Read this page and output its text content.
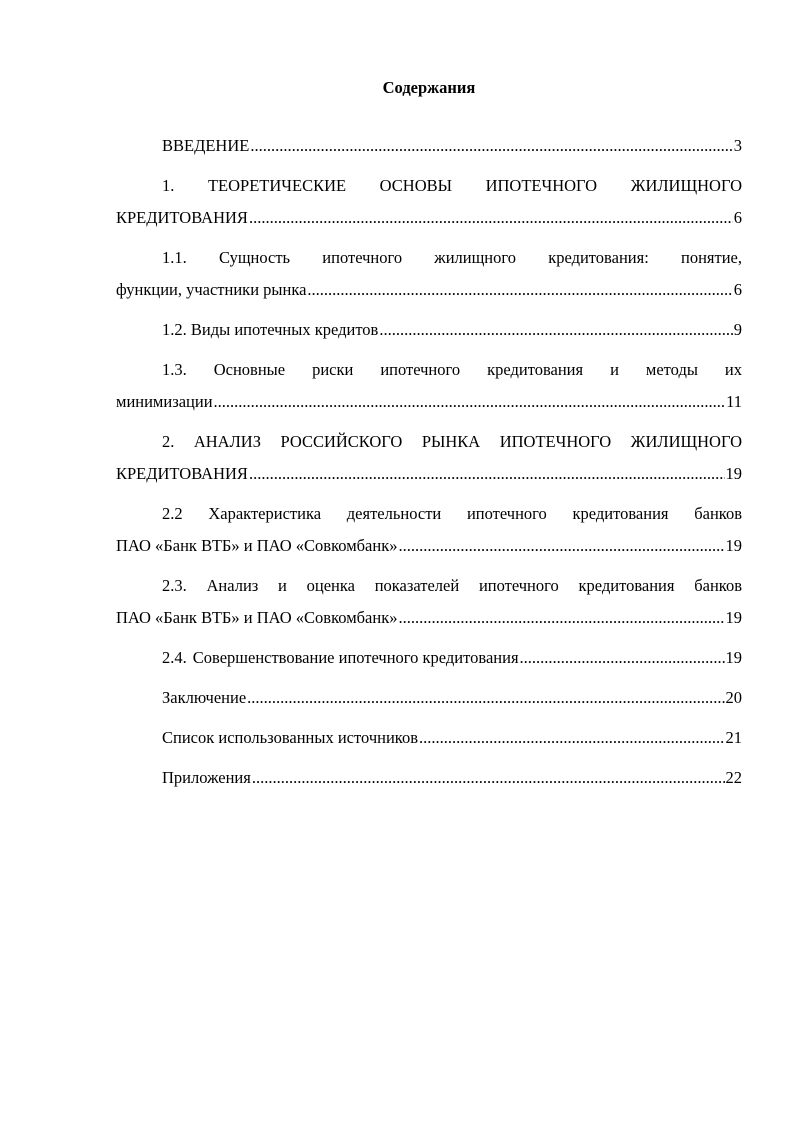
Содержания
ВВЕДЕНИЕ .....	3
1. ТЕОРЕТИЧЕСКИЕ ОСНОВЫ ИПОТЕЧНОГО ЖИЛИЩНОГО
КРЕДИТОВАНИЯ .....	6
1.1. Сущность ипотечного жилищного кредитования: понятие,
функции, участники рынка .....	6
1.2. Виды ипотечных кредитов .....	9
1.3. Основные риски ипотечного кредитования и методы их
минимизации .....	11
2. АНАЛИЗ РОССИЙСКОГО РЫНКА ИПОТЕЧНОГО ЖИЛИЩНОГО
КРЕДИТОВАНИЯ .....	19
2.2 Характеристика деятельности ипотечного кредитования банков
ПАО «Банк ВТБ» и ПАО «Совкомбанк» .....	19
2.3. Анализ и оценка показателей ипотечного кредитования банков
ПАО «Банк ВТБ» и ПАО «Совкомбанк» .....	19
2.4. Совершенствование ипотечного кредитования .....	19
Заключение .....	20
Список использованных источников .....	21
Приложения .....	22
